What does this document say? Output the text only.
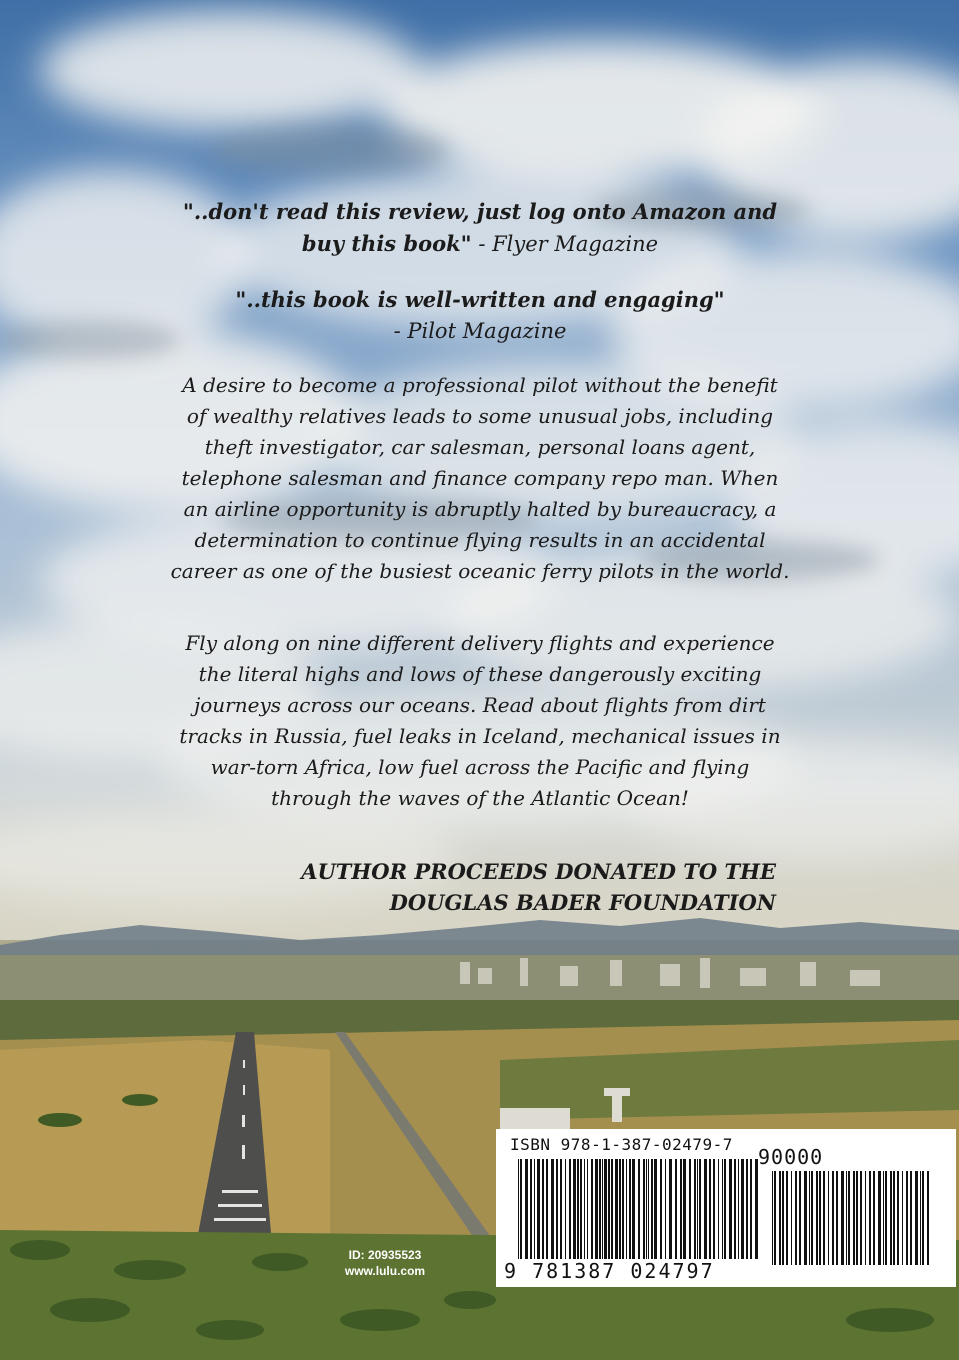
"..don't read this review, just log onto Amazon and
buy this book" - Flyer Magazine
"..this book is well-written and engaging"
- Pilot Magazine
A desire to become a professional pilot without the benefit of wealthy relatives leads to some unusual jobs, including theft investigator, car salesman, personal loans agent, telephone salesman and finance company repo man. When an airline opportunity is abruptly halted by bureaucracy, a determination to continue flying results in an accidental career as one of the busiest oceanic ferry pilots in the world.
Fly along on nine different delivery flights and experience the literal highs and lows of these dangerously exciting journeys across our oceans. Read about flights from dirt tracks in Russia, fuel leaks in Iceland, mechanical issues in war-torn Africa, low fuel across the Pacific and flying through the waves of the Atlantic Ocean!
AUTHOR PROCEEDS DONATED TO THE
DOUGLAS BADER FOUNDATION
ID: 20935523
www.lulu.com
ISBN 978-1-387-02479-7
90000
9 781387 024797
